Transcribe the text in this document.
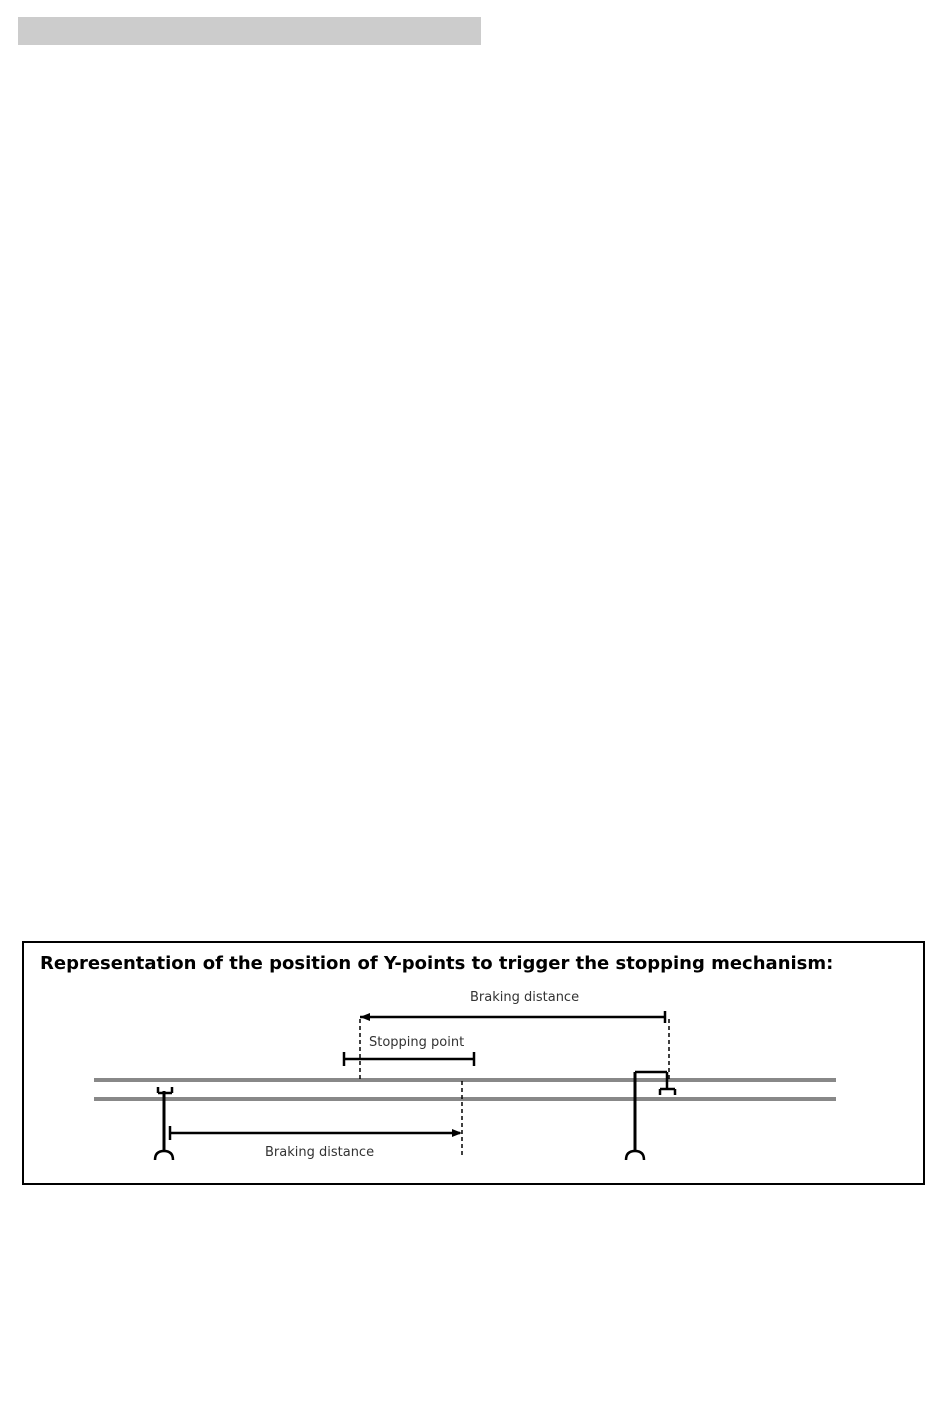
Representation of the position of Y-points to trigger the stopping mechanism:

Braking distance
Stopping point
Braking distance
